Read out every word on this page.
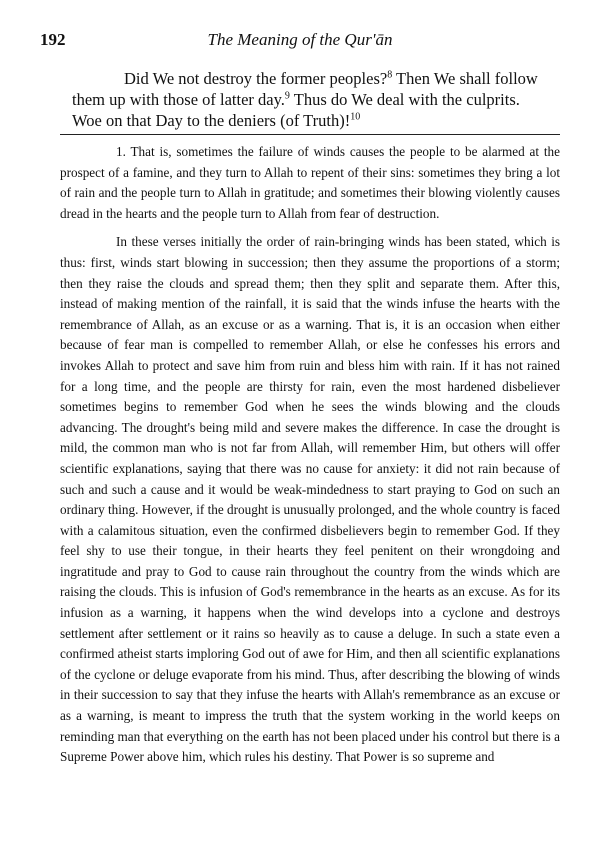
192	The Meaning of the Qur'ān
Did We not destroy the former peoples?$^8$ Then We shall follow
them up with those of latter day.$^9$ Thus do We deal with the culprits.
Woe on that Day to the deniers (of Truth)!$^{10}$

1. That is, sometimes the failure of winds causes the people to be alarmed at the prospect of a famine, and they turn to Allah to repent of their sins: sometimes they bring a lot of rain and the people turn to Allah in gratitude; and sometimes their blowing violently causes dread in the hearts and the people turn to Allah from fear of destruction.

In these verses initially the order of rain-bringing winds has been stated, which is thus: first, winds start blowing in succession; then they assume the proportions of a storm; then they raise the clouds and spread them; then they split and separate them. After this, instead of making mention of the rainfall, it is said that the winds infuse the hearts with the remembrance of Allah, as an excuse or as a warning. That is, it is an occasion when either because of fear man is compelled to remember Allah, or else he confesses his errors and invokes Allah to protect and save him from ruin and bless him with rain. If it has not rained for a long time, and the people are thirsty for rain, even the most hardened disbeliever sometimes begins to remember God when he sees the winds blowing and the clouds advancing. The drought's being mild and severe makes the difference. In case the drought is mild, the common man who is not far from Allah, will remember Him, but others will offer scientific explanations, saying that there was no cause for anxiety: it did not rain because of such and such a cause and it would be weak-mindedness to start praying to God on such an ordinary thing. However, if the drought is unusually prolonged, and the whole country is faced with a calamitous situation, even the confirmed disbelievers begin to remember God. If they feel shy to use their tongue, in their hearts they feel penitent on their wrongdoing and ingratitude and pray to God to cause rain throughout the country from the winds which are raising the clouds. This is infusion of God's remembrance in the hearts as an excuse. As for its infusion as a warning, it happens when the wind develops into a cyclone and destroys settlement after settlement or it rains so heavily as to cause a deluge. In such a state even a confirmed atheist starts imploring God out of awe for Him, and then all scientific explanations of the cyclone or deluge evaporate from his mind. Thus, after describing the blowing of winds in their succession to say that they infuse the hearts with Allah's remembrance as an excuse or as a warning, is meant to impress the truth that the system working in the world keeps on reminding man that everything on the earth has not been placed under his control but there is a Supreme Power above him, which rules his destiny. That Power is so supreme and
